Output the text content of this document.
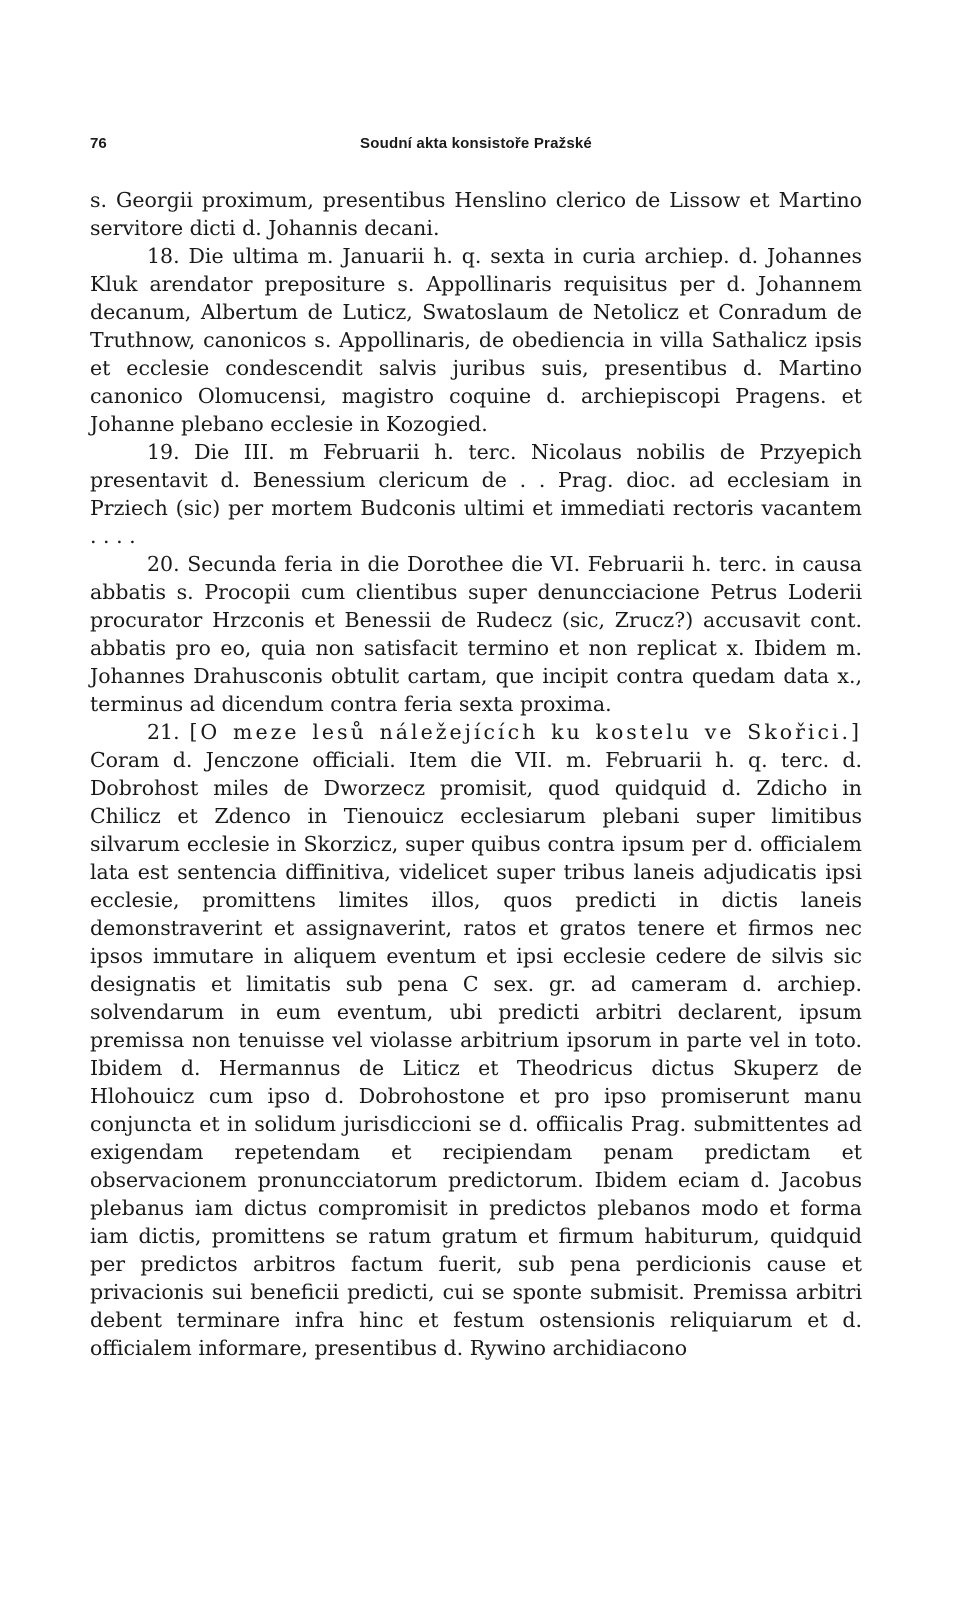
76	Soudní akta konsistoře Pražské

s. Georgii proximum, presentibus Henslino clerico de Lissow et Martino servitore dicti d. Johannis decani.

18. Die ultima m. Januarii h. q. sexta in curia archiep. d. Johannes Kluk arendator prepositure s. Appollinaris requisitus per d. Johannem decanum, Albertum de Luticz, Swatoslaum de Netolicz et Conradum de Truthnow, canonicos s. Appollinaris, de obediencia in villa Sathalicz ipsis et ecclesie condescendit salvis juribus suis, presentibus d. Martino canonico Olomucensi, magistro coquine d. archiepiscopi Pragens. et Johanne plebano ecclesie in Kozogied.

19. Die III. m Februarii h. terc. Nicolaus nobilis de Przyepich presentavit d. Benessium clericum de . . Prag. dioc. ad ecclesiam in Prziech (sic) per mortem Budconis ultimi et immediati rectoris vacantem . . . .

20. Secunda feria in die Dorothee die VI. Februarii h. terc. in causa abbatis s. Procopii cum clientibus super denuncciacione Petrus Loderii procurator Hrzconis et Benessii de Rudecz (sic, Zrucz?) accusavit cont. abbatis pro eo, quia non satisfacit termino et non replicat x. Ibidem m. Johannes Drahusconis obtulit cartam, que incipit contra quedam data x., terminus ad dicendum contra feria sexta proxima.

21. [O meze lesů náležejících ku kostelu ve Skořici.] Coram d. Jenczone officiali. Item die VII. m. Februarii h. q. terc. d. Dobrohost miles de Dworzecz promisit, quod quidquid d. Zdicho in Chilicz et Zdenco in Tienouicz ecclesiarum plebani super limitibus silvarum ecclesie in Skorzicz, super quibus contra ipsum per d. officialem lata est sentencia diffinitiva, videlicet super tribus laneis adjudicatis ipsi ecclesie, promittens limites illos, quos predicti in dictis laneis demonstraverint et assignaverint, ratos et gratos tenere et firmos nec ipsos immutare in aliquem eventum et ipsi ecclesie cedere de silvis sic designatis et limitatis sub pena C sex. gr. ad cameram d. archiep. solvendarum in eum eventum, ubi predicti arbitri declarent, ipsum premissa non tenuisse vel violasse arbitrium ipsorum in parte vel in toto. Ibidem d. Hermannus de Liticz et Theodricus dictus Skuperz de Hlohouicz cum ipso d. Dobrohostone et pro ipso promiserunt manu conjuncta et in solidum jurisdiccioni se d. offiicalis Prag. submittentes ad exigendam repetendam et recipiendam penam predictam et observacionem pronuncciatorum predictorum. Ibidem eciam d. Jacobus plebanus iam dictus compromisit in predictos plebanos modo et forma iam dictis, promittens se ratum gratum et firmum habiturum, quidquid per predictos arbitros factum fuerit, sub pena perdicionis cause et privacionis sui beneficii predicti, cui se sponte submisit. Premissa arbitri debent terminare infra hinc et festum ostensionis reliquiarum et d. officialem informare, presentibus d. Rywino archidiacono
